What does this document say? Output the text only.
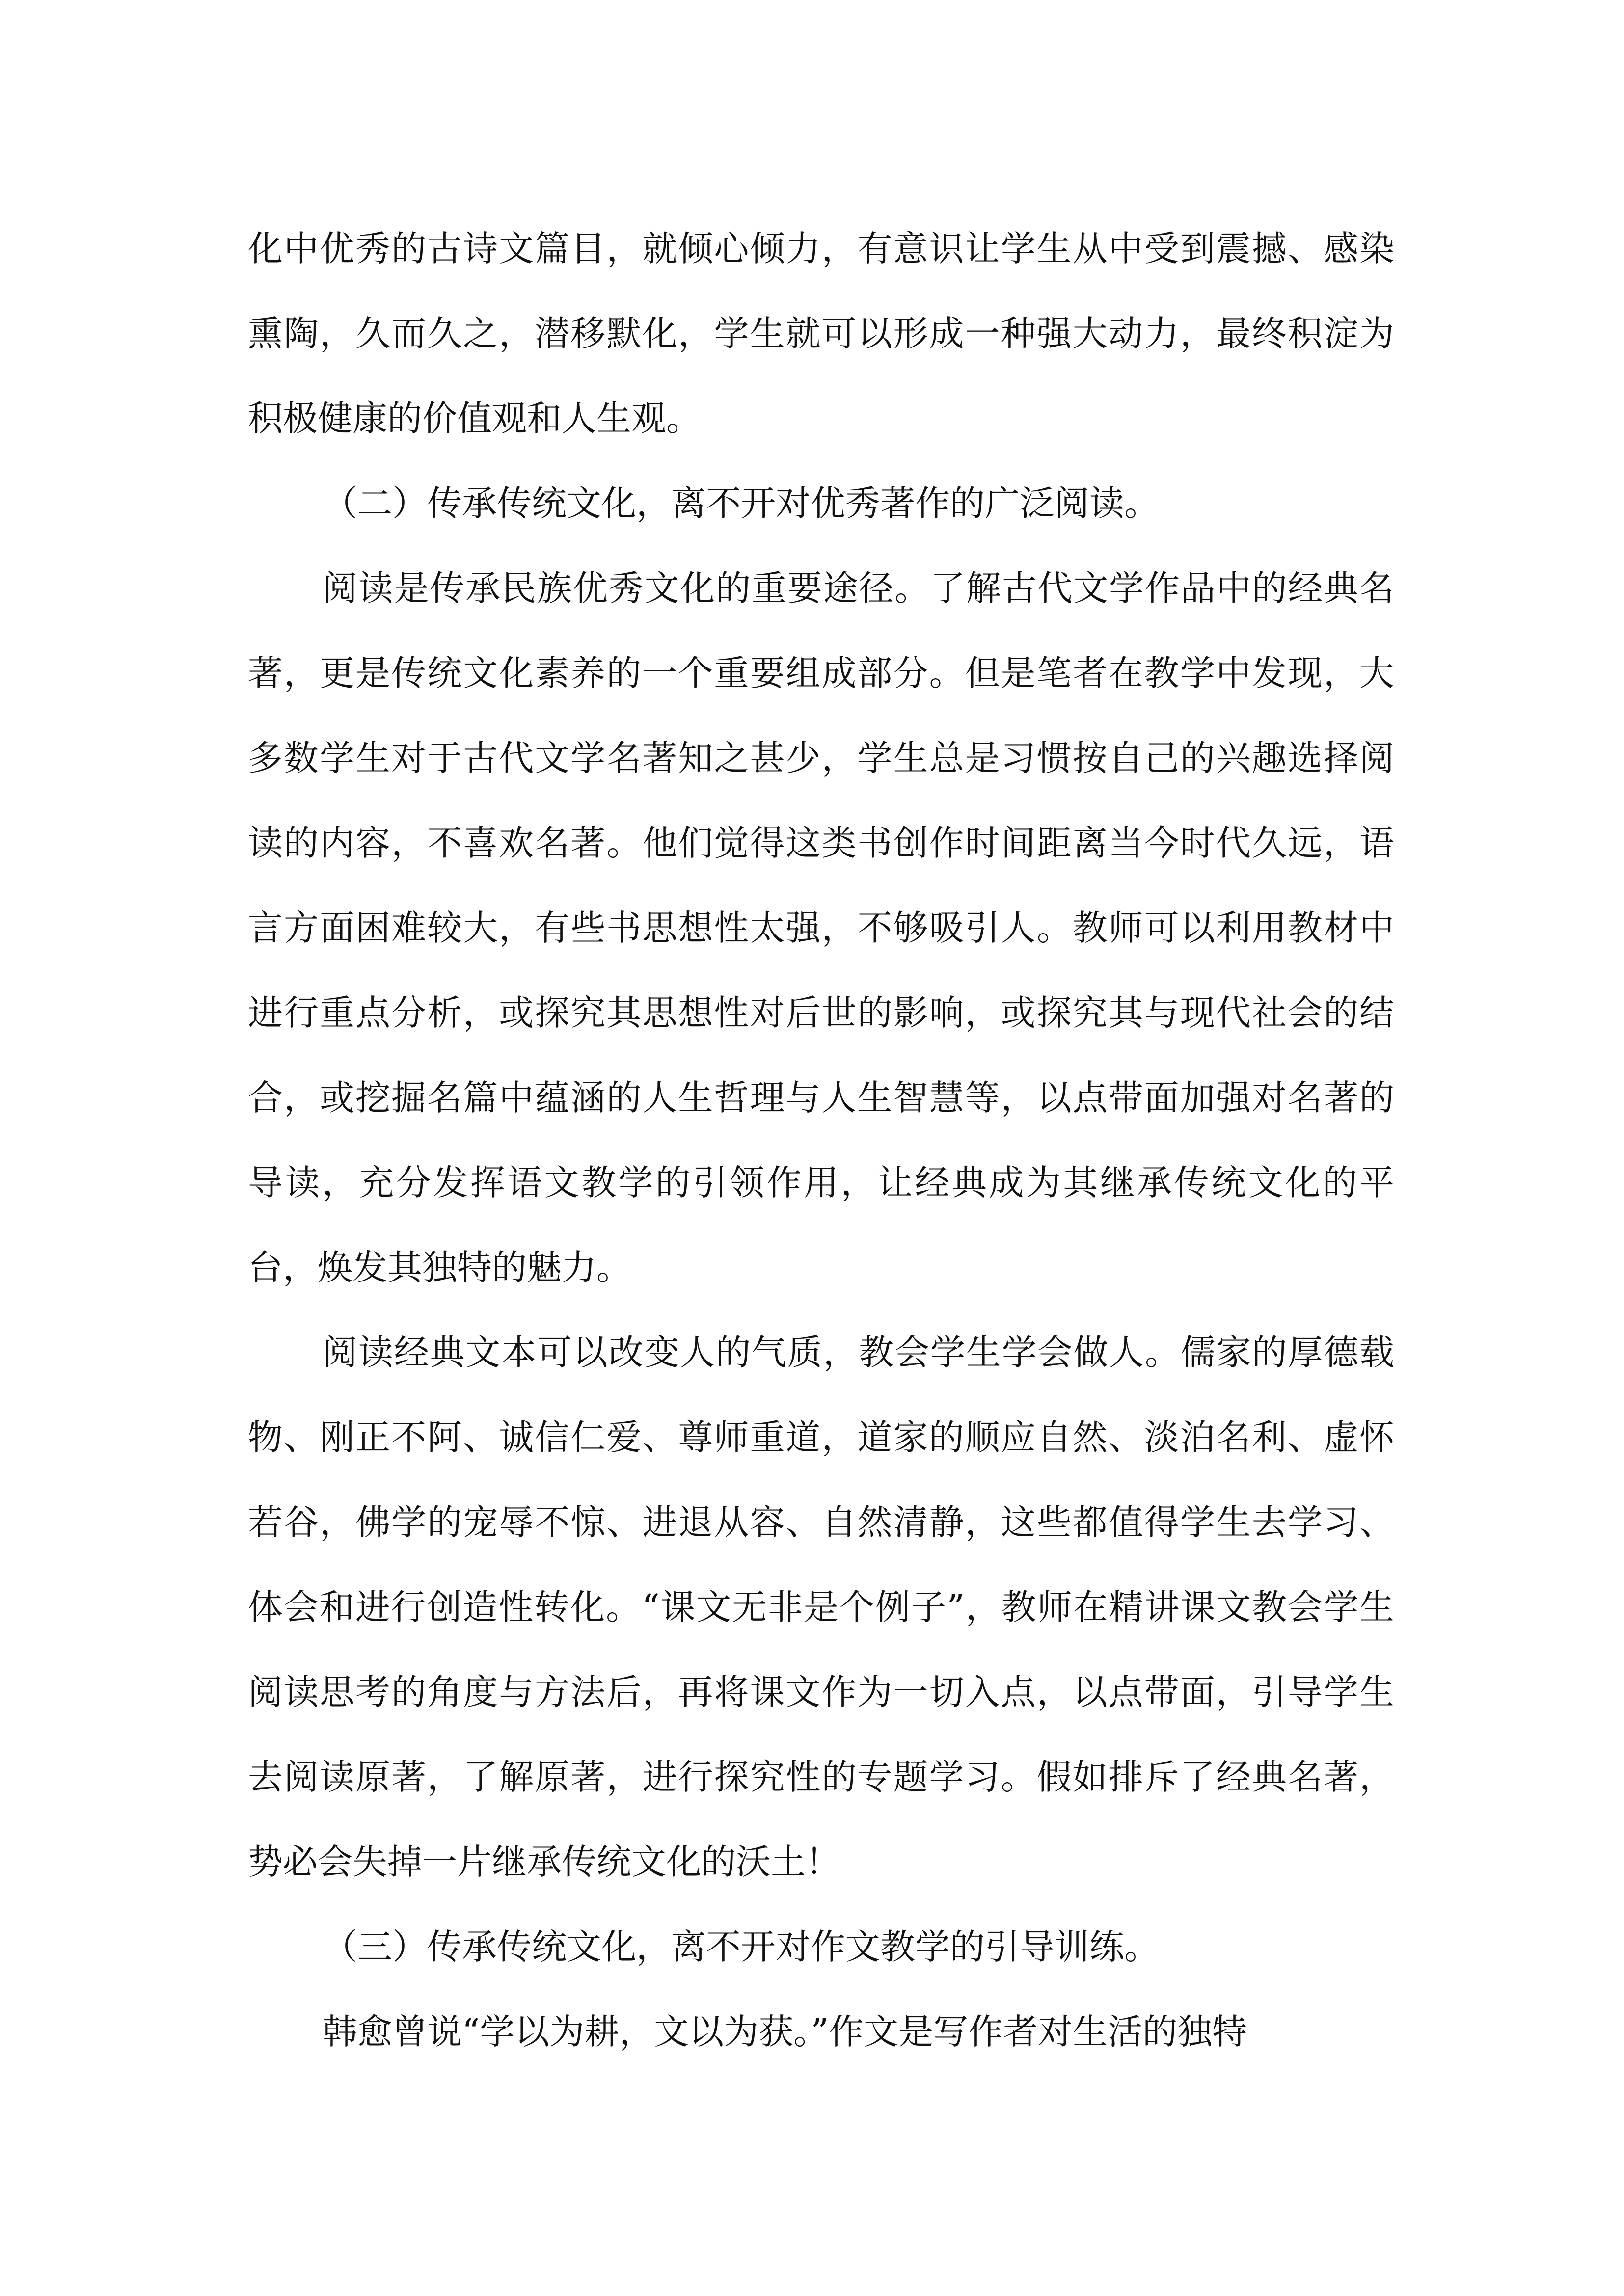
化中优秀的古诗文篇目，就倾心倾力，有意识让学生从中受到震撼、感染熏陶，久而久之，潜移默化，学生就可以形成一种强大动力，最终积淀为积极健康的价值观和人生观。

（二）传承传统文化，离不开对优秀著作的广泛阅读。

阅读是传承民族优秀文化的重要途径。了解古代文学作品中的经典名著，更是传统文化素养的一个重要组成部分。但是笔者在教学中发现，大多数学生对于古代文学名著知之甚少，学生总是习惯按自己的兴趣选择阅读的内容，不喜欢名著。他们觉得这类书创作时间距离当今时代久远，语言方面困难较大，有些书思想性太强，不够吸引人。教师可以利用教材中进行重点分析，或探究其思想性对后世的影响，或探究其与现代社会的结合，或挖掘名篇中蕴涵的人生哲理与人生智慧等，以点带面加强对名著的导读，充分发挥语文教学的引领作用，让经典成为其继承传统文化的平台，焕发其独特的魅力。

阅读经典文本可以改变人的气质，教会学生学会做人。儒家的厚德载物、刚正不阿、诚信仁爱、尊师重道，道家的顺应自然、淡泊名利、虚怀若谷，佛学的宠辱不惊、进退从容、自然清静，这些都值得学生去学习、体会和进行创造性转化。“课文无非是个例子”，教师在精讲课文教会学生阅读思考的角度与方法后，再将课文作为一切入点，以点带面，引导学生去阅读原著，了解原著，进行探究性的专题学习。假如排斥了经典名著，势必会失掉一片继承传统文化的沃土！

（三）传承传统文化，离不开对作文教学的引导训练。

韩愈曾说“学以为耕，文以为获。”作文是写作者对生活的独特
